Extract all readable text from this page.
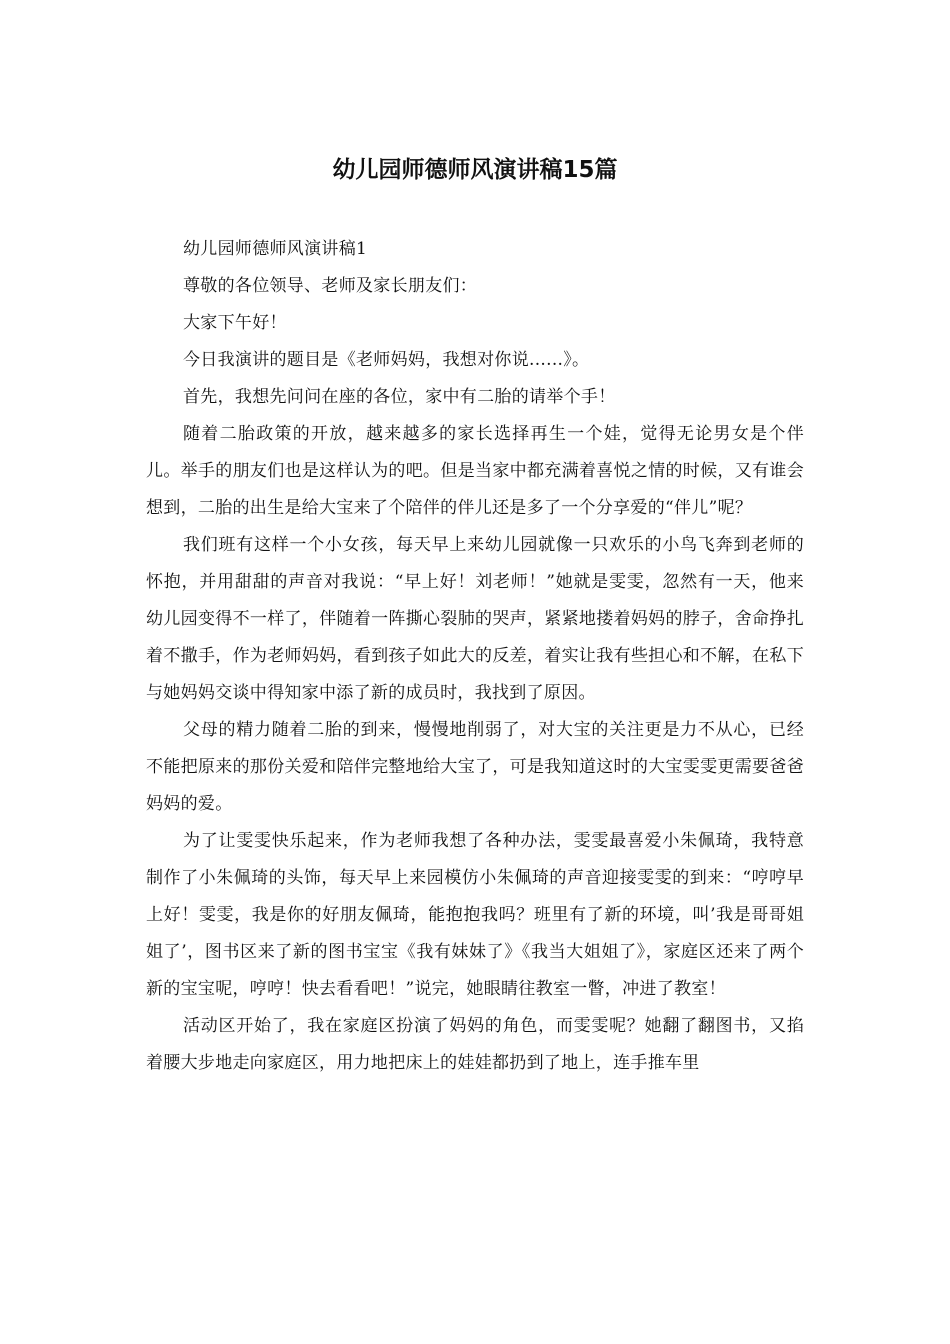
幼儿园师德师风演讲稿15篇

幼儿园师德师风演讲稿1

尊敬的各位领导、老师及家长朋友们：

大家下午好！

今日我演讲的题目是《老师妈妈，我想对你说......》。

首先，我想先问问在座的各位，家中有二胎的请举个手！

随着二胎政策的开放，越来越多的家长选择再生一个娃，觉得无论男女是个伴儿。举手的朋友们也是这样认为的吧。但是当家中都充满着喜悦之情的时候，又有谁会想到，二胎的出生是给大宝来了个陪伴的伴儿还是多了一个分享爱的“伴儿”呢？

我们班有这样一个小女孩，每天早上来幼儿园就像一只欢乐的小鸟飞奔到老师的怀抱，并用甜甜的声音对我说：“早上好！刘老师！”她就是雯雯，忽然有一天，他来幼儿园变得不一样了，伴随着一阵撕心裂肺的哭声，紧紧地搂着妈妈的脖子，舍命挣扎着不撒手，作为老师妈妈，看到孩子如此大的反差，着实让我有些担心和不解，在私下与她妈妈交谈中得知家中添了新的成员时，我找到了原因。

父母的精力随着二胎的到来，慢慢地削弱了，对大宝的关注更是力不从心，已经不能把原来的那份关爱和陪伴完整地给大宝了，可是我知道这时的大宝雯雯更需要爸爸妈妈的爱。

为了让雯雯快乐起来，作为老师我想了各种办法，雯雯最喜爱小朱佩琦，我特意制作了小朱佩琦的头饰，每天早上来园模仿小朱佩琦的声音迎接雯雯的到来：“哼哼早上好！雯雯，我是你的好朋友佩琦，能抱抱我吗？班里有了新的环境，叫’我是哥哥姐姐了’，图书区来了新的图书宝宝《我有妹妹了》《我当大姐姐了》，家庭区还来了两个新的宝宝呢，哼哼！快去看看吧！”说完，她眼睛往教室一瞥，冲进了教室！

活动区开始了，我在家庭区扮演了妈妈的角色，而雯雯呢？她翻了翻图书，又掐着腰大步地走向家庭区，用力地把床上的娃娃都扔到了地上，连手推车里
